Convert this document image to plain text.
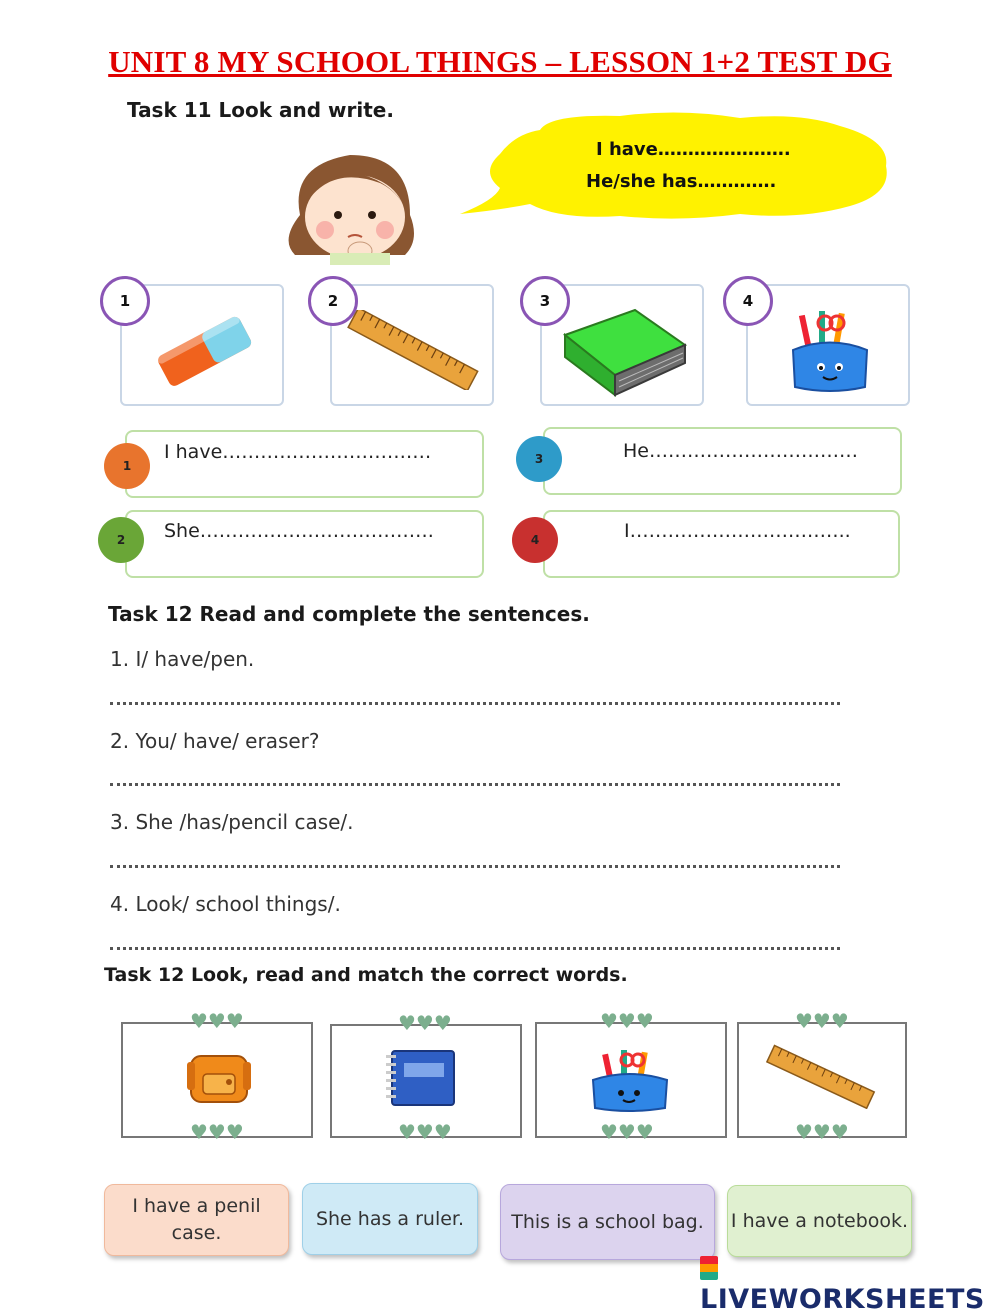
UNIT 8 MY SCHOOL THINGS – LESSON 1+2 TEST DG
Task 11 Look and write.
I have………………….
He/she has………….
1	2	3	4
1
I have……………………………	3	He……………………………
2	She……………………………….	4	I……………………………..
Task 12 Read and complete the sentences.
1. I/ have/pen.
2. You/ have/ eraser?
3. She /has/pencil case/.
4. Look/ school things/.
Task 12 Look, read and match the correct words.
♥♥♥
♥♥♥
♥♥♥
♥♥♥
♥♥♥
♥♥♥
♥♥♥
♥♥♥
I have a penil case.
She has a ruler.	This is a school bag.	I have a notebook.
LIVEWORKSHEETS
